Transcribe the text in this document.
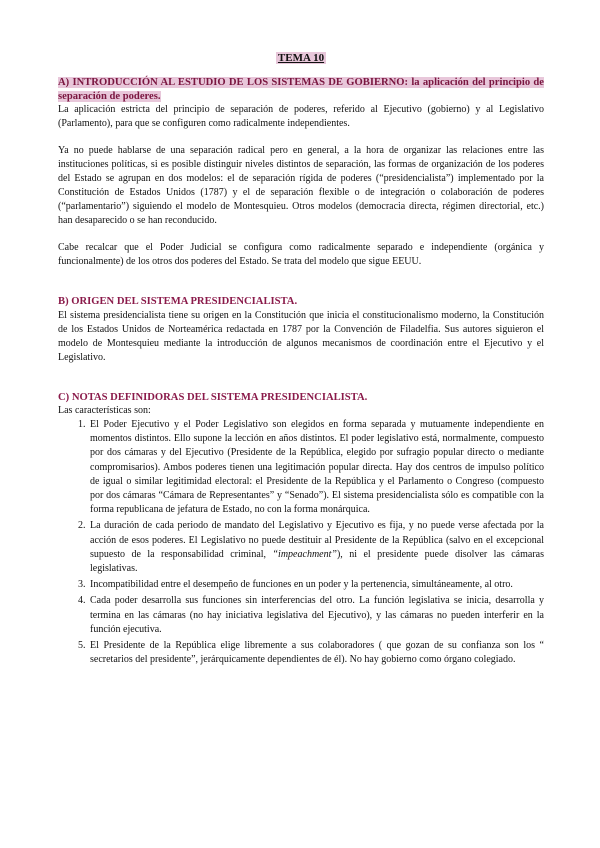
TEMA 10

A) INTRODUCCIÓN AL ESTUDIO DE LOS SISTEMAS DE GOBIERNO: la aplicación del principio de separación de poderes.

La aplicación estricta del principio de separación de poderes, referido al Ejecutivo (gobierno) y al Legislativo (Parlamento), para que se configuren como radicalmente independientes.

Ya no puede hablarse de una separación radical pero en general, a la hora de organizar las relaciones entre las instituciones políticas, si es posible distinguir niveles distintos de separación, las formas de organización de los poderes del Estado se agrupan en dos modelos: el de separación rígida de poderes (“presidencialista”) implementado por la Constitución de Estados Unidos (1787) y el de separación flexible o de integración o colaboración de poderes (“parlamentario”) siguiendo el modelo de Montesquieu. Otros modelos (democracia directa, régimen directorial, etc.) han desaparecido o se han reconducido.

Cabe recalcar que el Poder Judicial se configura como radicalmente separado e independiente (orgánica y funcionalmente) de los otros dos poderes del Estado. Se trata del modelo que sigue EEUU.

B) ORIGEN DEL SISTEMA PRESIDENCIALISTA.

El sistema presidencialista tiene su origen en la Constitución que inicia el constitucionalismo moderno, la Constitución de los Estados Unidos de Norteamérica redactada en 1787 por la Convención de Filadelfia. Sus autores siguieron el modelo de Montesquieu mediante la introducción de algunos mecanismos de coordinación entre el Ejecutivo y el Legislativo.

C) NOTAS DEFINIDORAS DEL SISTEMA PRESIDENCIALISTA.

Las características son:

1. El Poder Ejecutivo y el Poder Legislativo son elegidos en forma separada y mutuamente independiente en momentos distintos. Ello supone la lección en años distintos. El poder legislativo está, normalmente, compuesto por dos cámaras y del Ejecutivo (Presidente de la República, elegido por sufragio popular directo o mediante compromisarios). Ambos poderes tienen una legitimación popular directa. Hay dos centros de impulso político de igual o similar legitimidad electoral: el Presidente de la República y el Parlamento o Congreso (compuesto por dos cámaras “Cámara de Representantes” y “Senado”). El sistema presidencialista sólo es compatible con la forma republicana de jefatura de Estado, no con la forma monárquica.
2. La duración de cada periodo de mandato del Legislativo y Ejecutivo es fija, y no puede verse afectada por la acción de esos poderes. El Legislativo no puede destituir al Presidente de la República (salvo en el excepcional supuesto de la responsabilidad criminal, “impeachment”), ni el presidente puede disolver las cámaras legislativas.
3. Incompatibilidad entre el desempeño de funciones en un poder y la pertenencia, simultáneamente, al otro.
4. Cada poder desarrolla sus funciones sin interferencias del otro. La función legislativa se inicia, desarrolla y termina en las cámaras (no hay iniciativa legislativa del Ejecutivo), y las cámaras no pueden interferir en la función ejecutiva.
5. El Presidente de la República elige libremente a sus colaboradores ( que gozan de su confianza son los “ secretarios del presidente”, jerárquicamente dependientes de él). No hay gobierno como órgano colegiado.
